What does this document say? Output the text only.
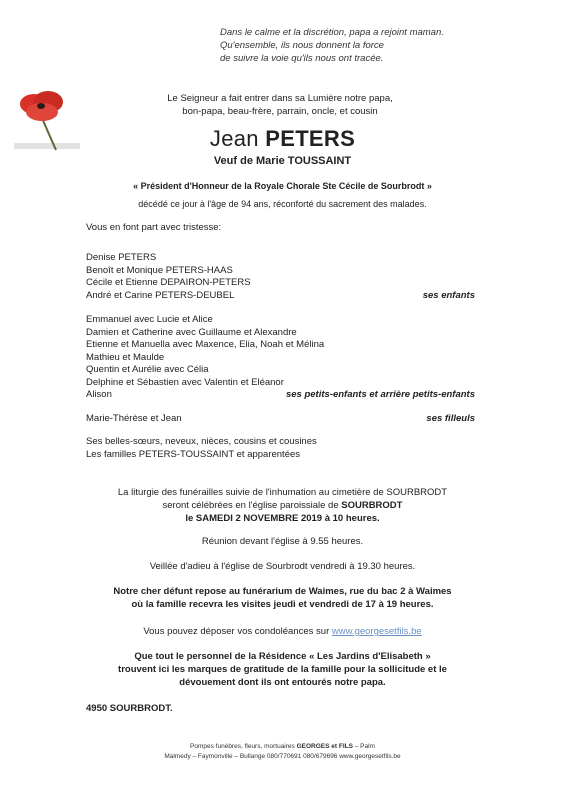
Dans le calme et la discrétion, papa a rejoint maman.
Qu'ensemble, ils nous donnent la force
de suivre la voie qu'ils nous ont tracée.
Le Seigneur a fait entrer dans sa Lumière notre papa,
bon-papa, beau-frère, parrain, oncle, et cousin
Jean PETERS
Veuf de Marie TOUSSAINT
« Président d'Honneur de la Royale Chorale Ste Cécile de Sourbrodt »
décédé ce jour à l'âge de 94 ans, réconforté du sacrement des malades.
Vous en font part avec tristesse:
Denise PETERS
Benoît et Monique PETERS-HAAS
Cécile et Etienne DEPAIRON-PETERS
André et Carine PETERS-DEUBEL	ses enfants
Emmanuel avec Lucie et Alice
Damien et Catherine avec Guillaume et Alexandre
Etienne et Manuella avec Maxence, Elia, Noah et Mélina
Mathieu et Maulde
Quentin et Aurélie avec Célia
Delphine et Sébastien avec Valentin et Eléanor
Alison	ses petits-enfants et arrière petits-enfants
Marie-Thérèse et Jean	ses filleuls
Ses belles-sœurs, neveux, nièces, cousins et cousines
Les familles PETERS-TOUSSAINT et apparentées
La liturgie des funérailles suivie de l'inhumation au cimetière de SOURBRODT
seront célébrées en l'église paroissiale de SOURBRODT
le SAMEDI 2 NOVEMBRE 2019 à 10 heures.
Réunion devant l'église à 9.55 heures.
Veillée d'adieu à l'église de Sourbrodt vendredi à 19.30 heures.
Notre cher défunt repose au funérarium de Waimes, rue du bac 2 à Waimes
où la famille recevra les visites jeudi et vendredi de 17 à 19 heures.
Vous pouvez déposer vos condoléances sur www.georgesetfils.be
Que tout le personnel de la Résidence « Les Jardins d'Elisabeth »
trouvent ici les marques de gratitude de la famille pour la sollicitude et le
dévouement dont ils ont entourés notre papa.
4950 SOURBRODT.
Pompes funèbres, fleurs, mortuaires GEORGES et FILS – Palm
Malmedy – Faymonville – Bullange 080/770691 080/679696 www.georgesetfils.be
